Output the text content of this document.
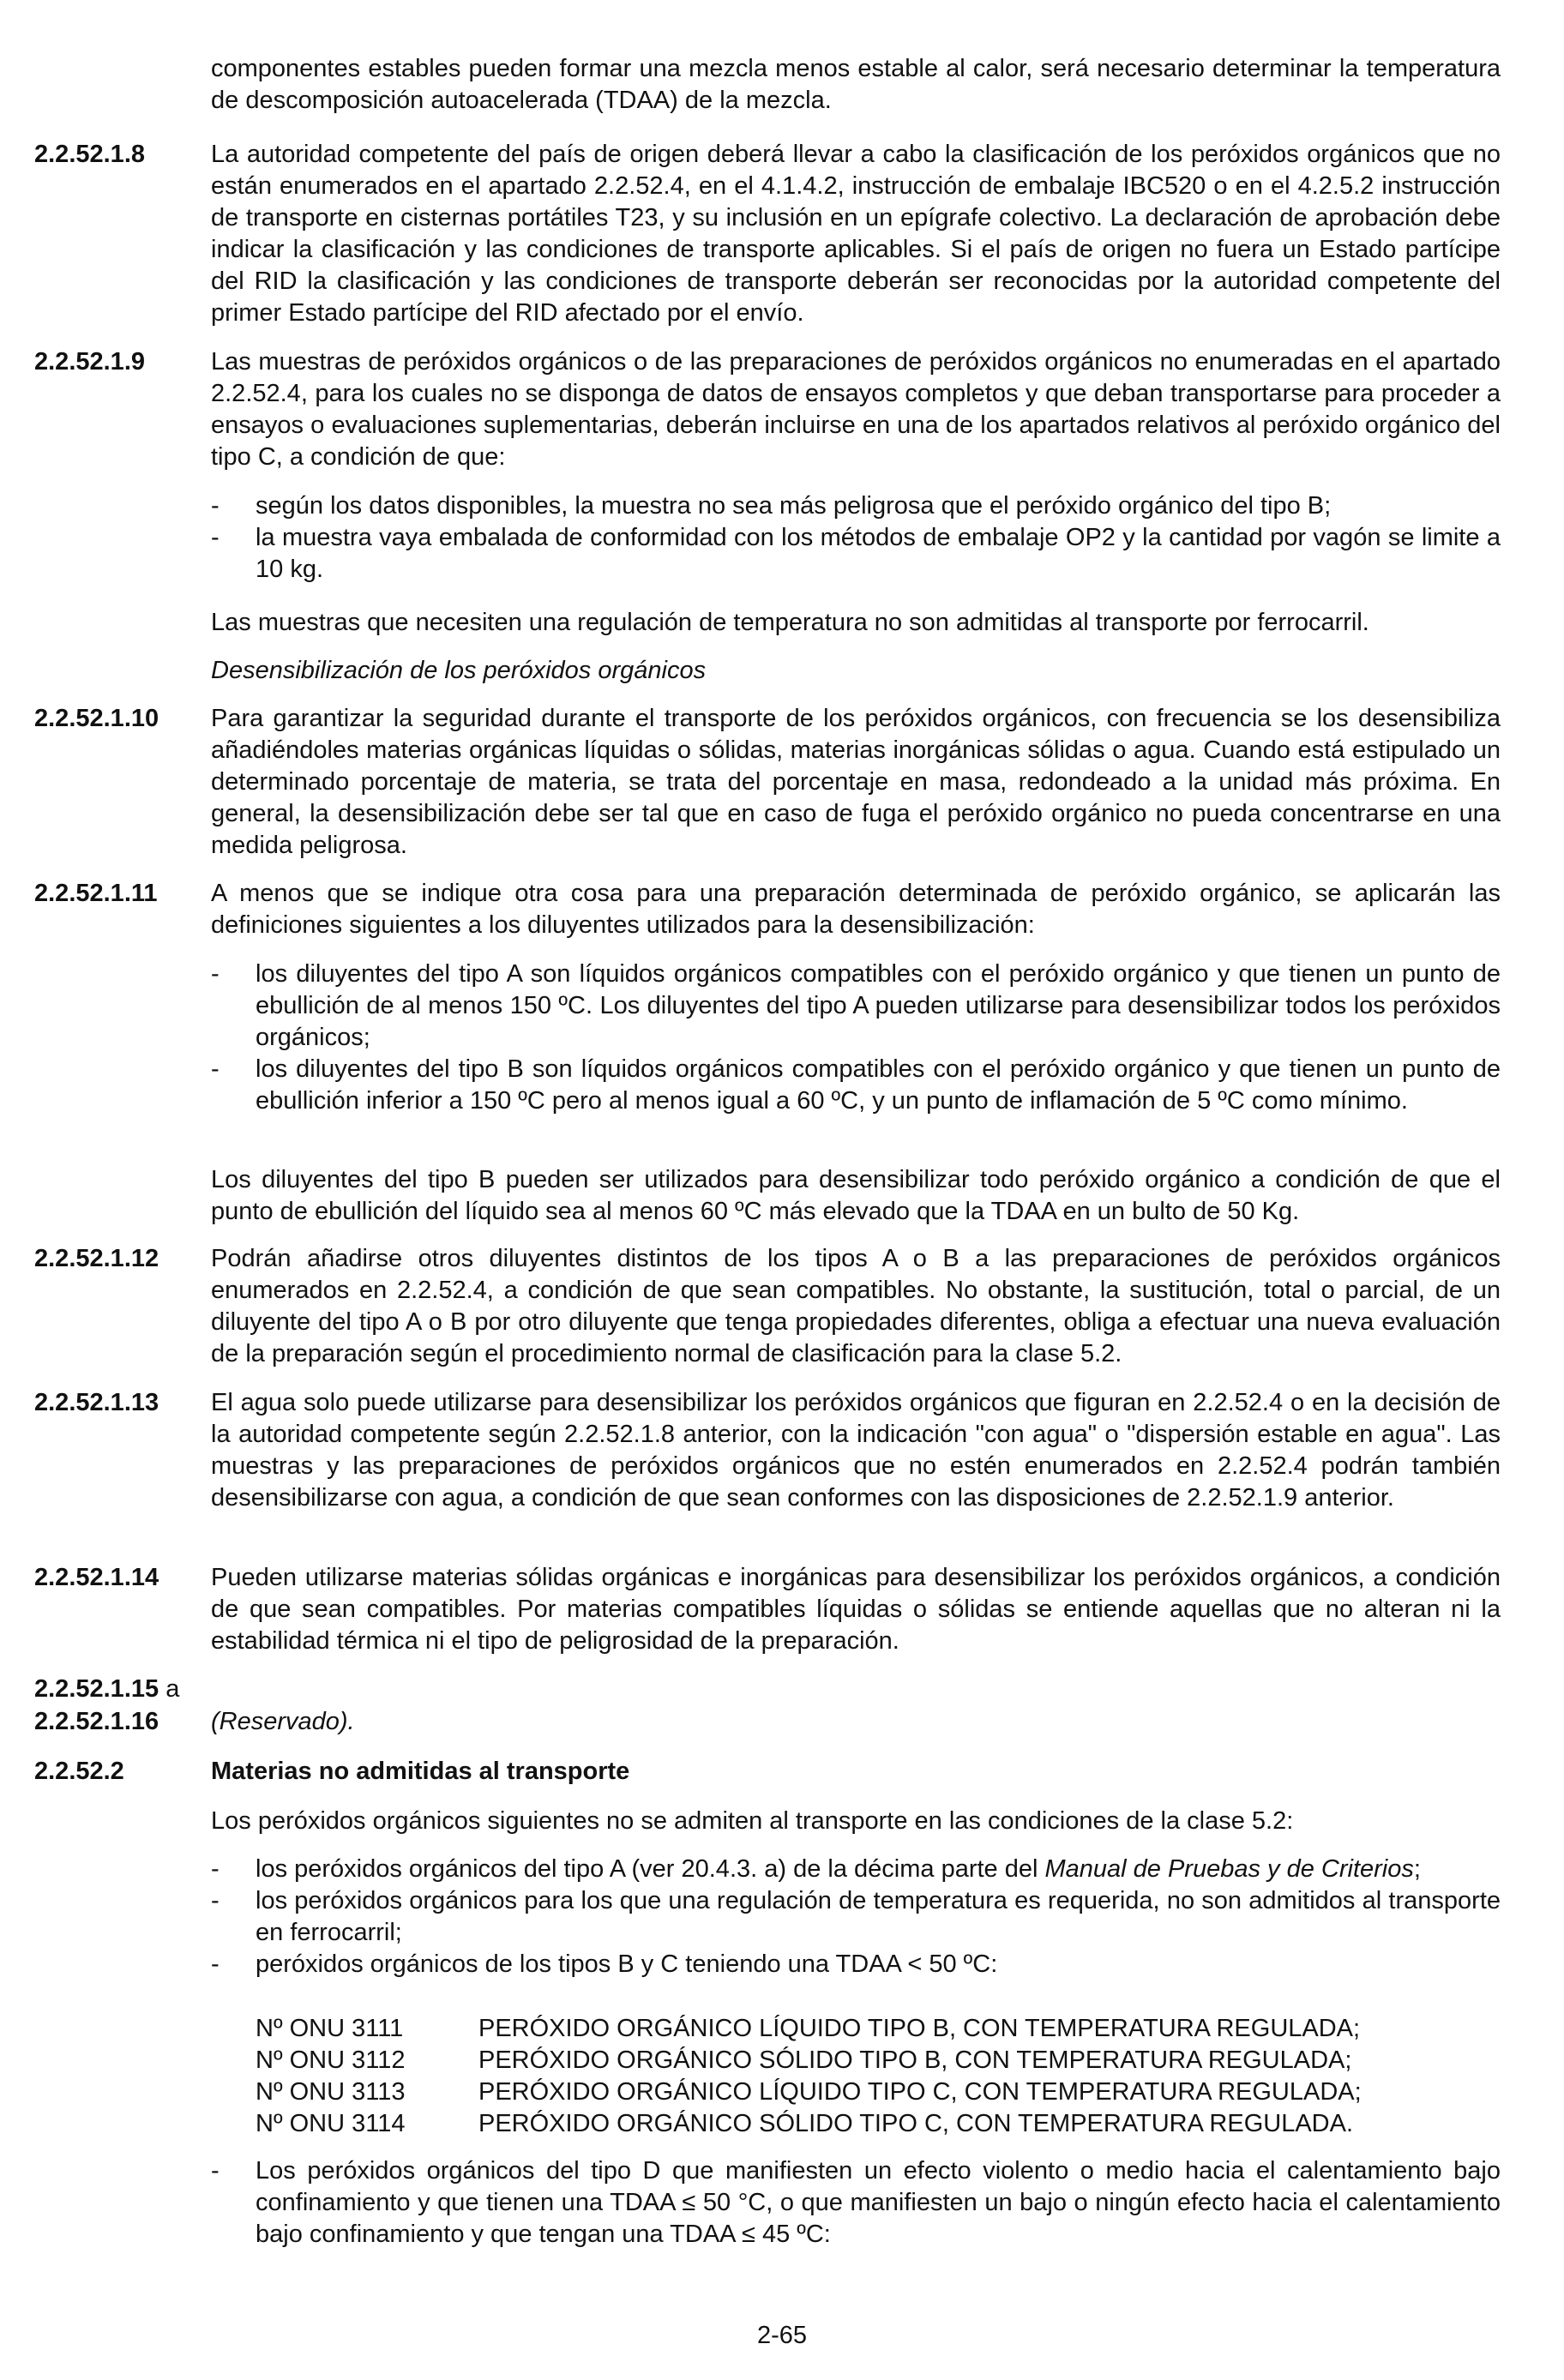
componentes estables pueden formar una mezcla menos estable al calor, será necesario determinar la temperatura de descomposición autoacelerada (TDAA) de la mezcla.
2.2.52.1.8	La autoridad competente del país de origen deberá llevar a cabo la clasificación de los peróxidos orgánicos que no están enumerados en el apartado 2.2.52.4, en el 4.1.4.2, instrucción de embalaje IBC520 o en el 4.2.5.2 instrucción de transporte en cisternas portátiles T23, y su inclusión en un epígrafe colectivo. La declaración de aprobación debe indicar la clasificación y las condiciones de transporte aplicables. Si el país de origen no fuera un Estado partícipe del RID la clasificación y las condiciones de transporte deberán ser reconocidas por la autoridad competente del primer Estado partícipe del RID afectado por el envío.
2.2.52.1.9	Las muestras de peróxidos orgánicos o de las preparaciones de peróxidos orgánicos no enumeradas en el apartado 2.2.52.4, para los cuales no se disponga de datos de ensayos completos y que deban transportarse para proceder a ensayos o evaluaciones suplementarias, deberán incluirse en una de los apartados relativos al peróxido orgánico del tipo C, a condición de que:
- según los datos disponibles, la muestra no sea más peligrosa que el peróxido orgánico del tipo B;
- la muestra vaya embalada de conformidad con los métodos de embalaje OP2 y la cantidad por vagón se limite a 10 kg.
Las muestras que necesiten una regulación de temperatura no son admitidas al transporte por ferrocarril.
Desensibilización de los peróxidos orgánicos
2.2.52.1.10	Para garantizar la seguridad durante el transporte de los peróxidos orgánicos, con frecuencia se los desensibiliza añadiéndoles materias orgánicas líquidas o sólidas, materias inorgánicas sólidas o agua. Cuando está estipulado un determinado porcentaje de materia, se trata del porcentaje en masa, redondeado a la unidad más próxima. En general, la desensibilización debe ser tal que en caso de fuga el peróxido orgánico no pueda concentrarse en una medida peligrosa.
2.2.52.1.11	A menos que se indique otra cosa para una preparación determinada de peróxido orgánico, se aplicarán las definiciones siguientes a los diluyentes utilizados para la desensibilización:
- los diluyentes del tipo A son líquidos orgánicos compatibles con el peróxido orgánico y que tienen un punto de ebullición de al menos 150 ºC. Los diluyentes del tipo A pueden utilizarse para desensibilizar todos los peróxidos orgánicos;
- los diluyentes del tipo B son líquidos orgánicos compatibles con el peróxido orgánico y que tienen un punto de ebullición inferior a 150 ºC pero al menos igual a 60 ºC, y un punto de inflamación de 5 ºC como mínimo.
Los diluyentes del tipo B pueden ser utilizados para desensibilizar todo peróxido orgánico a condición de que el punto de ebullición del líquido sea al menos 60 ºC más elevado que la TDAA en un bulto de 50 Kg.
2.2.52.1.12	Podrán añadirse otros diluyentes distintos de los tipos A o B a las preparaciones de peróxidos orgánicos enumerados en 2.2.52.4, a condición de que sean compatibles. No obstante, la sustitución, total o parcial, de un diluyente del tipo A o B por otro diluyente que tenga propiedades diferentes, obliga a efectuar una nueva evaluación de la preparación según el procedimiento normal de clasificación para la clase 5.2.
2.2.52.1.13	El agua solo puede utilizarse para desensibilizar los peróxidos orgánicos que figuran en 2.2.52.4 o en la decisión de la autoridad competente según 2.2.52.1.8 anterior, con la indicación "con agua" o "dispersión estable en agua". Las muestras y las preparaciones de peróxidos orgánicos que no estén enumerados en 2.2.52.4 podrán también desensibilizarse con agua, a condición de que sean conformes con las disposiciones de 2.2.52.1.9 anterior.
2.2.52.1.14	Pueden utilizarse materias sólidas orgánicas e inorgánicas para desensibilizar los peróxidos orgánicos, a condición de que sean compatibles. Por materias compatibles líquidas o sólidas se entiende aquellas que no alteran ni la estabilidad térmica ni el tipo de peligrosidad de la preparación.
2.2.52.1.15 a
2.2.52.1.16	(Reservado).
2.2.52.2	Materias no admitidas al transporte
Los peróxidos orgánicos siguientes no se admiten al transporte en las condiciones de la clase 5.2:
- los peróxidos orgánicos del tipo A (ver 20.4.3. a) de la décima parte del Manual de Pruebas y de Criterios;
- los peróxidos orgánicos para los que una regulación de temperatura es requerida, no son admitidos al transporte en ferrocarril;
- peróxidos orgánicos de los tipos B y C teniendo una TDAA < 50 ºC:
Nº ONU 3111	PERÓXIDO ORGÁNICO LÍQUIDO TIPO B, CON TEMPERATURA REGULADA;
Nº ONU 3112	PERÓXIDO ORGÁNICO SÓLIDO TIPO B, CON TEMPERATURA REGULADA;
Nº ONU 3113	PERÓXIDO ORGÁNICO LÍQUIDO TIPO C, CON TEMPERATURA REGULADA;
Nº ONU 3114	PERÓXIDO ORGÁNICO SÓLIDO TIPO C, CON TEMPERATURA REGULADA.
- Los peróxidos orgánicos del tipo D que manifiesten un efecto violento o medio hacia el calentamiento bajo confinamiento y que tienen una TDAA ≤ 50 °C, o que manifiesten un bajo o ningún efecto hacia el calentamiento bajo confinamiento y que tengan una TDAA ≤ 45 ºC:
2-65
